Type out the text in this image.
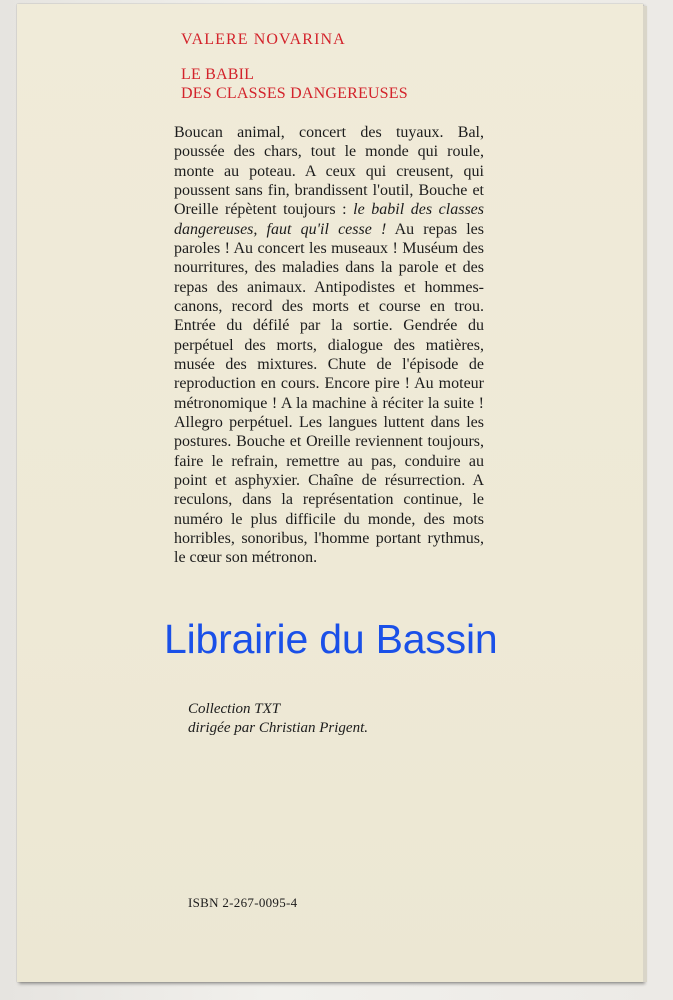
VALERE NOVARINA

LE BABIL
DES CLASSES DANGEREUSES

Boucan animal, concert des tuyaux. Bal, poussée des chars, tout le monde qui roule, monte au poteau. A ceux qui creusent, qui poussent sans fin, brandissent l'outil, Bouche et Oreille répètent toujours : le babil des classes dangereuses, faut qu'il cesse ! Au repas les paroles ! Au concert les museaux ! Muséum des nourritures, des maladies dans la parole et des repas des animaux. Antipodistes et hommes-canons, record des morts et course en trou. Entrée du défilé par la sortie. Gendrée du perpétuel des morts, dialogue des matières, musée des mixtures. Chute de l'épisode de reproduction en cours. Encore pire ! Au moteur métronomique ! A la machine à réciter la suite ! Allegro perpétuel. Les langues luttent dans les postures. Bouche et Oreille reviennent toujours, faire le refrain, remettre au pas, conduire au point et asphyxier. Chaîne de résurrection. A reculons, dans la représentation continue, le numéro le plus difficile du monde, des mots horribles, sonoribus, l'homme portant rythmus, le cœur son métronon.

Librairie du Bassin
Collection TXT
dirigée par Christian Prigent.
ISBN 2-267-0095-4
